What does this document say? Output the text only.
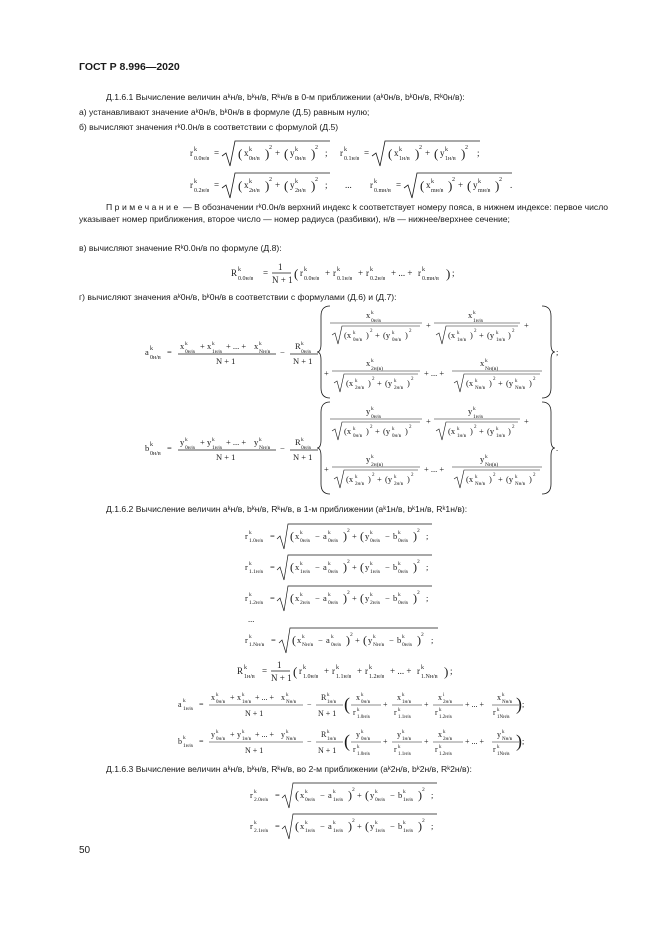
ГОСТ Р 8.996—2020
Д.1.6.1 Вычисление величин aᵏн/в, bᵏн/в, Rᵏн/в в 0-м приближении (aᵏ0н/в, bᵏ0н/в, Rᵏ0н/в):
а) устанавливают значение aᵏ0н/в, bᵏ0н/в в формуле (Д.5) равным нулю;
б) вычисляют значения rᵏ0.0н/в в соответствии с формулой (Д.5)
r k
0.0н/в
= ( x k
0н/в ) 2 + ( y k
0н/в ) 2 ; r k
0.1н/в
= ( x k
1н/в ) 2 + ( y k
1н/в ) 2 ;
r k
0.2н/в
= ( x k
2н/в ) 2 + ( y k
2н/в ) 2 ; ... r k
0.mн/в
= ( x k
mн/в ) 2 + ( y k
mн/в ) 2 .
Примечание — В обозначении rᵏ0.0н/в верхний индекс k соответствует номеру пояса, в нижнем индексе: первое число указывает номер приближения, второе число — номер радиуса (разбивки), н/в — нижнее/верхнее сечение;
в) вычисляют значение Rᵏ0.0н/в по формуле (Д.8):
R k
0.0н/в
=
1
N + 1 ( r k
0.0н/в
+ r k
0.1н/в
+ r k
0.2н/в
+ ... + r k
0.mн/в ) ;
г) вычисляют значения aᵏ0н/в, bᵏ0н/в в соответствии с формулами (Д.6) и (Д.7):
a k
0н/в
=
x k
0н/в
+ x k
1н/в
+ ... + x k
Nн/в
N + 1
−
R k
0н/в
N + 1
x k
0н/в
(x k
0н/в
) 2 + (y k
0н/в
) 2
+
x k
1н/в
(x k
1н/в
) 2 + (y k
1н/в
) 2
+
+
x k
2н(в)
(x k
2н/в
) 2 + (y k
2н/в
) 2
+ ... +
x k
Nн(в)
(x k
Nн/в
) 2 + (y k
Nн/в
) 2
;
b k
0н/в
=
y k
0н/в
+ y k
1н/в
+ ... + y k
Nн/в
N + 1
−
R k
0н/в
N + 1
y k
0н/в
(x k
0н/в
) 2 + (y k
0н/в
) 2
+
y k
1н/в
(x k
1н/в
) 2 + (y k
1н/в
) 2
+
+
y k
2н(в)
(x k
2н/в
) 2 + (y k
2н/в
) 2
+ ... +
y k
Nн(в)
(x k
Nн/в
) 2 + (y k
Nн/в
) 2
.
Д.1.6.2 Вычисление величин aᵏн/в, bᵏн/в, Rᵏн/в, в 1-м приближении (aᵏ1н/в, bᵏ1н/в, Rᵏ1н/в):
r k
1.0н/в = ( x k
0н/в − a k
0н/в ) 2 + ( y k
0н/в − b k
0н/в ) 2 ;
r k
1.1н/в = ( x k
1н/в − a k
0н/в ) 2 + ( y k
1н/в − b k
0н/в ) 2 ;
r k
1.2н/в = ( x k
2н/в − a k
0н/в ) 2 + ( y k
2н/в − b k
0н/в ) 2 ;
...
r k
1.Nн/в = ( x k
Nн/в − a k
0н/в ) 2 + ( y k
Nн/в − b k
0н/в ) 2 ;
R k
1н/в
=
1
N + 1 ( r k
1.0н/в
+ r k
1.1н/в
+ r k
1.2н/в
+ ... + r k
1.Nн/в ) ;
a k
1н/в =
x k
0н/в
+ x k
1н/в
+ ... + x k
Nн/в
N + 1
−
R k
1н/в
N + 1 ( x k
0н/в
r k
1.0н/в
+
x k
1н/в
r k
1.1н/в
+
x i
2н/в
r k
1.2н/в
+ ... +
x k
Nн/в
r k
1Nн/в
) ;
b k
1н/в =
y k
0н/в
+ y k
1н/в
+ ... + y k
Nн/в
N + 1
−
R k
1н/в
N + 1 ( y k
0н/в
r k
1.0н/в
+
y k
1н/в
r k
1.1н/в
+
x k
2н/в
r k
1.2н/в
+ ... +
y k
Nн/в
r k
1Nн/в
) ;
Д.1.6.3 Вычисление величин aᵏн/в, bᵏн/в, Rᵏн/в, во 2-м приближении (aᵏ2н/в, bᵏ2н/в, Rᵏ2н/в):
r k
2.0н/в = ( x k
0н/в − a k
1н/в ) 2 + ( y k
0н/в − b k
1н/в ) 2 ;
r k
2.1н/в = ( x k
1н/в − a k
1н/в ) 2 + ( y k
1н/в − b k
1н/в ) 2 ;
50
